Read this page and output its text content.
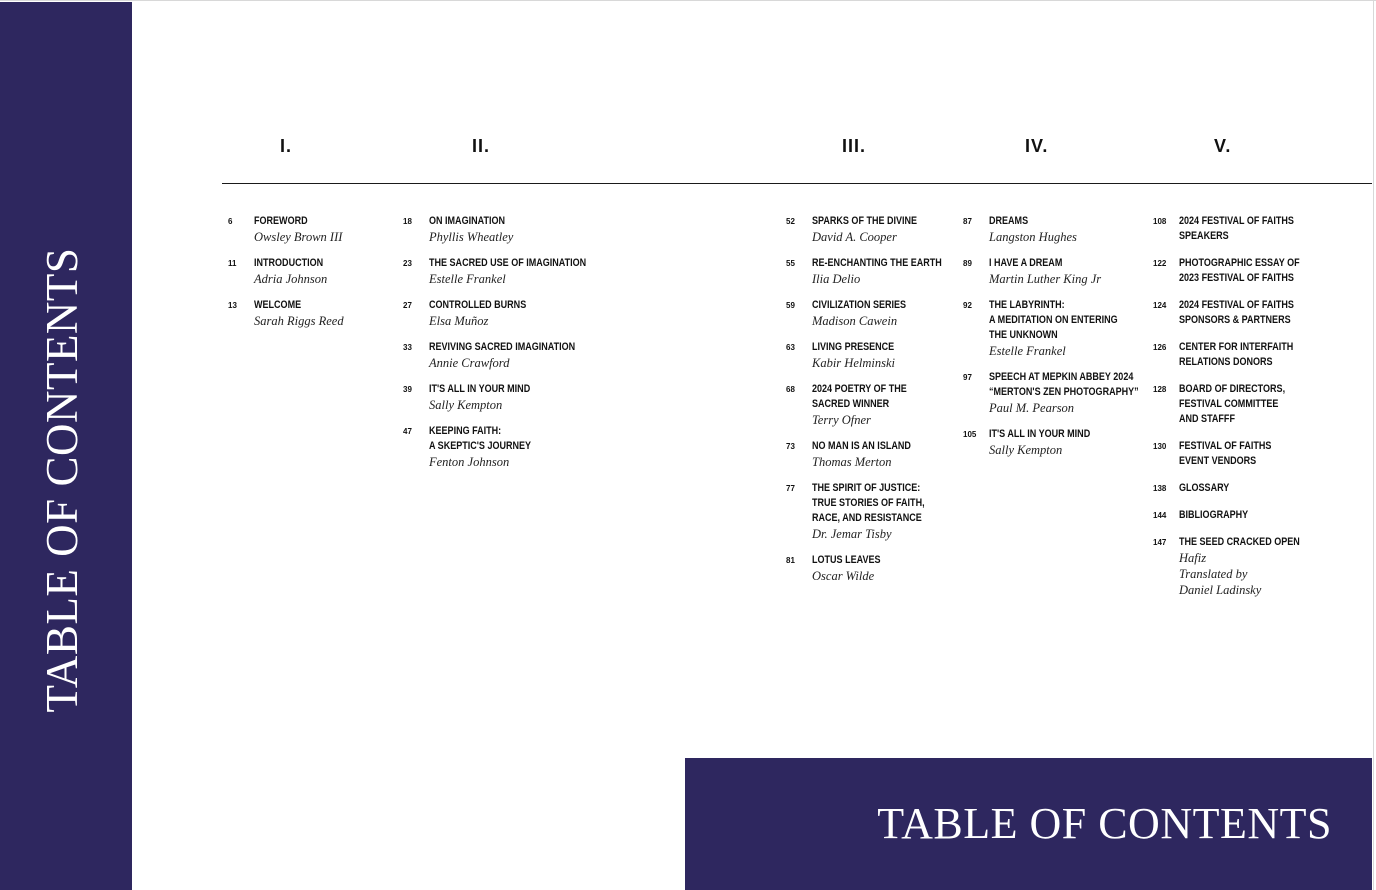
TABLE OF CONTENTS
I.	II.	III.	IV.	V.
6	FOREWORD
Owsley Brown III
11	INTRODUCTION
Adria Johnson
13	WELCOME
Sarah Riggs Reed
18	ON IMAGINATION
Phyllis Wheatley
23	THE SACRED USE OF IMAGINATION
Estelle Frankel
27	CONTROLLED BURNS
Elsa Muñoz
33	REVIVING SACRED IMAGINATION
Annie Crawford
39	IT'S ALL IN YOUR MIND
Sally Kempton
47	KEEPING FAITH:
A SKEPTIC'S JOURNEY
Fenton Johnson
52	SPARKS OF THE DIVINE
David A. Cooper
55	RE-ENCHANTING THE EARTH
Ilia Delio
59	CIVILIZATION SERIES
Madison Cawein
63	LIVING PRESENCE
Kabir Helminski
68	2024 POETRY OF THE
SACRED WINNER
Terry Ofner
73	NO MAN IS AN ISLAND
Thomas Merton
77	THE SPIRIT OF JUSTICE:
TRUE STORIES OF FAITH,
RACE, AND RESISTANCE
Dr. Jemar Tisby
81	LOTUS LEAVES
Oscar Wilde
87	DREAMS
Langston Hughes
89	I HAVE A DREAM
Martin Luther King Jr
92	THE LABYRINTH:
A MEDITATION ON ENTERING
THE UNKNOWN
Estelle Frankel
97	SPEECH AT MEPKIN ABBEY 2024
“MERTON'S ZEN PHOTOGRAPHY”
Paul M. Pearson
105	IT'S ALL IN YOUR MIND
Sally Kempton
108	2024 FESTIVAL OF FAITHS
SPEAKERS
122	PHOTOGRAPHIC ESSAY OF
2023 FESTIVAL OF FAITHS
124	2024 FESTIVAL OF FAITHS
SPONSORS & PARTNERS
126	CENTER FOR INTERFAITH
RELATIONS DONORS
128	BOARD OF DIRECTORS,
FESTIVAL COMMITTEE
AND STAFFF
130	FESTIVAL OF FAITHS
EVENT VENDORS
138	GLOSSARY
144	BIBLIOGRAPHY
147	THE SEED CRACKED OPEN
Hafiz
Translated by
Daniel Ladinsky
TABLE OF CONTENTS
